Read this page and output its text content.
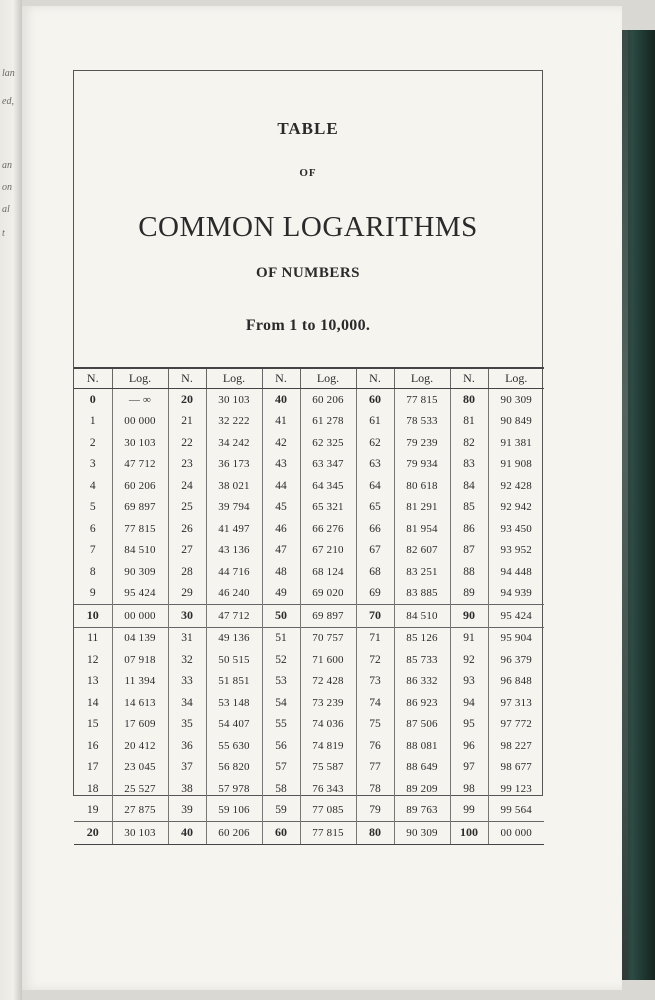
lan
ed,
an
on
al
t
TABLE
OF
COMMON LOGARITHMS
OF NUMBERS
From 1 to 10,000.
N.	Log.	N.	Log.	N.	Log.	N.	Log.	N.	Log.
0	— ∞	20	30 103	40	60 206	60	77 815	80	90 309
1	00 000	21	32 222	41	61 278	61	78 533	81	90 849
2	30 103	22	34 242	42	62 325	62	79 239	82	91 381
3	47 712	23	36 173	43	63 347	63	79 934	83	91 908
4	60 206	24	38 021	44	64 345	64	80 618	84	92 428
5	69 897	25	39 794	45	65 321	65	81 291	85	92 942
6	77 815	26	41 497	46	66 276	66	81 954	86	93 450
7	84 510	27	43 136	47	67 210	67	82 607	87	93 952
8	90 309	28	44 716	48	68 124	68	83 251	88	94 448
9	95 424	29	46 240	49	69 020	69	83 885	89	94 939
10	00 000	30	47 712	50	69 897	70	84 510	90	95 424
11	04 139	31	49 136	51	70 757	71	85 126	91	95 904
12	07 918	32	50 515	52	71 600	72	85 733	92	96 379
13	11 394	33	51 851	53	72 428	73	86 332	93	96 848
14	14 613	34	53 148	54	73 239	74	86 923	94	97 313
15	17 609	35	54 407	55	74 036	75	87 506	95	97 772
16	20 412	36	55 630	56	74 819	76	88 081	96	98 227
17	23 045	37	56 820	57	75 587	77	88 649	97	98 677
18	25 527	38	57 978	58	76 343	78	89 209	98	99 123
19	27 875	39	59 106	59	77 085	79	89 763	99	99 564
20	30 103	40	60 206	60	77 815	80	90 309	100	00 000
